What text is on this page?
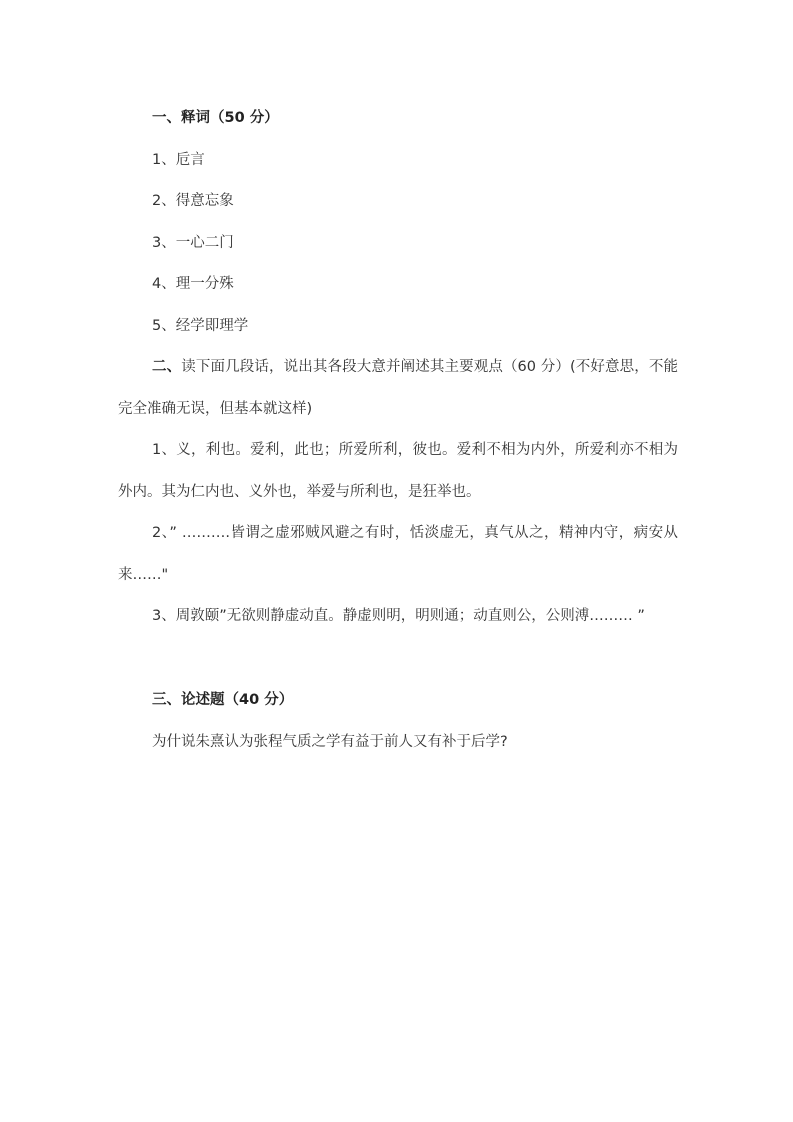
一、释词（50 分）
1、卮言
2、得意忘象
3、一心二门
4、理一分殊
5、经学即理学
二、读下面几段话，说出其各段大意并阐述其主要观点（60 分）(不好意思，不能完全准确无误，但基本就这样)
1、义，利也。爱利，此也；所爱所利，彼也。爱利不相为内外，所爱利亦不相为外内。其为仁内也、义外也，举爱与所利也，是狂举也。
2、” ……….皆谓之虚邪贼风避之有时，恬淡虚无，真气从之，精神内守，病安从来……"
3、周敦颐”无欲则静虚动直。静虚则明，明则通；动直则公，公则溥……… ”
三、论述题（40 分）
为什说朱熹认为张程气质之学有益于前人又有补于后学?
